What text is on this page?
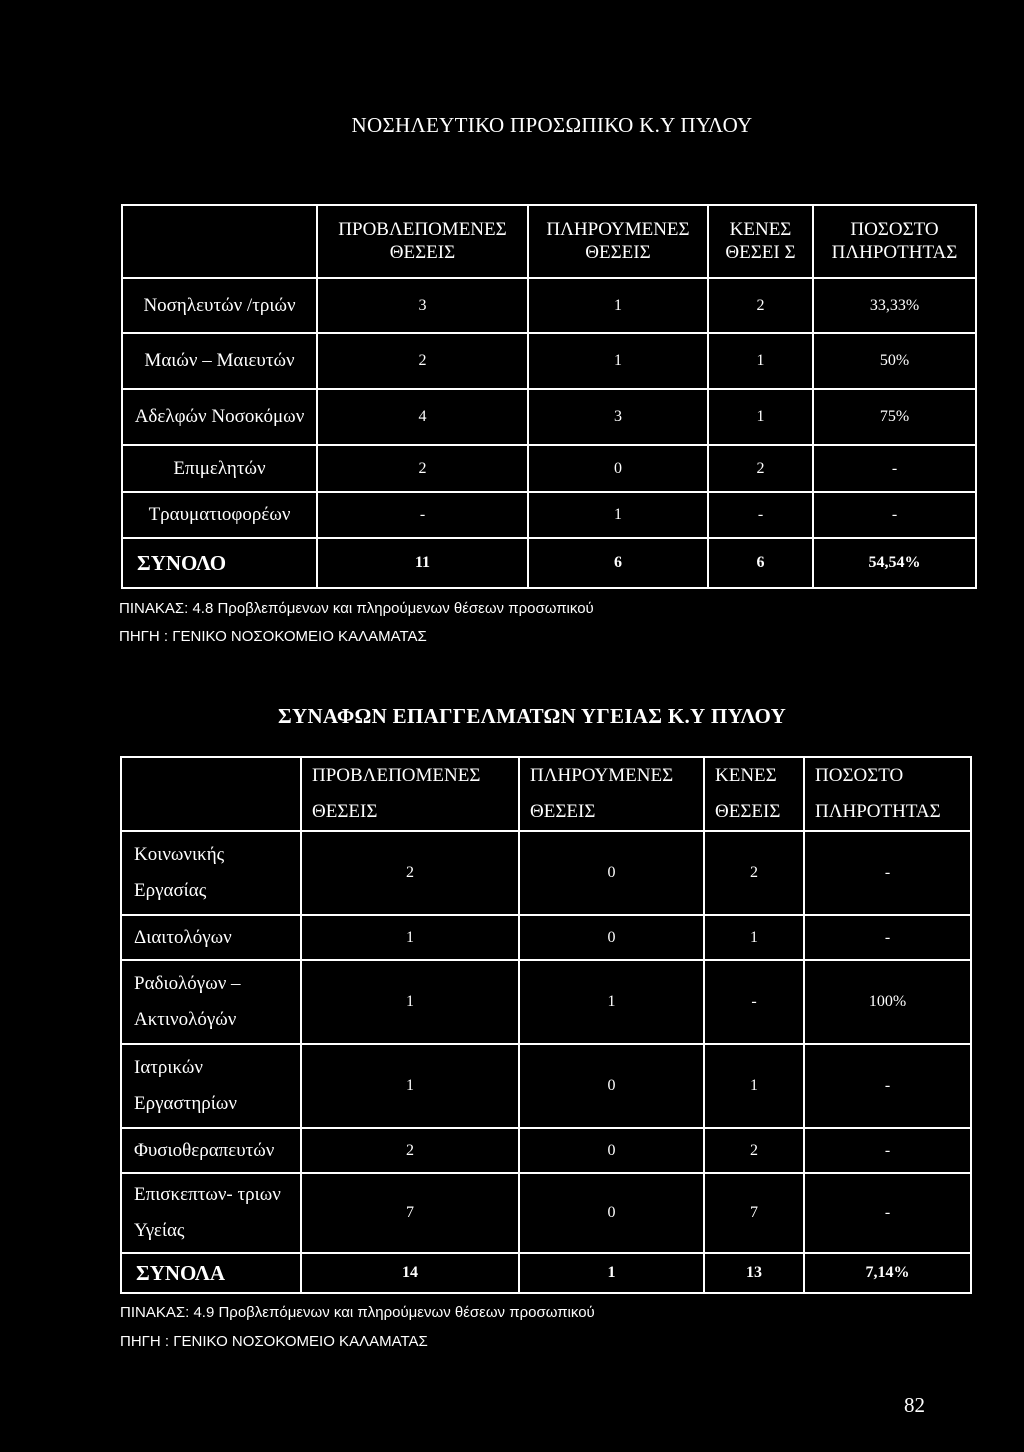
ΝΟΣΗΛΕΥΤΙΚΟ ΠΡΟΣΩΠΙΚΟ Κ.Υ ΠΥΛΟΥ
	ΠΡΟΒΛΕΠΟΜΕΝΕΣ ΘΕΣΕΙΣ	ΠΛΗΡΟΥΜΕΝΕΣ ΘΕΣΕΙΣ	ΚΕΝΕΣ ΘΕΣΕΙ Σ	ΠΟΣΟΣΤΟ ΠΛΗΡΟΤΗΤΑΣ
Νοσηλευτών /τριών	3	1	2	33,33%
Μαιών – Μαιευτών	2	1	1	50%
Αδελφών Νοσοκόμων	4	3	1	75%
Επιμελητών	2	0	2	-
Τραυματιοφορέων	-	1	-	-
ΣΥΝΟΛΟ	11	6	6	54,54%
ΠΙΝΑΚΑΣ: 4.8 Προβλεπόμενων και πληρούμενων θέσεων προσωπικού
ΠΗΓΗ : ΓΕΝΙΚΟ ΝΟΣΟΚΟΜΕΙΟ ΚΑΛΑΜΑΤΑΣ
ΣΥΝΑΦΩΝ ΕΠΑΓΓΕΛΜΑΤΩΝ ΥΓΕΙΑΣ Κ.Υ ΠΥΛΟΥ
	ΠΡΟΒΛΕΠΟΜΕΝΕΣ ΘΕΣΕΙΣ	ΠΛΗΡΟΥΜΕΝΕΣ ΘΕΣΕΙΣ	ΚΕΝΕΣ ΘΕΣΕΙΣ	ΠΟΣΟΣΤΟ ΠΛΗΡΟΤΗΤΑΣ
Κοινωνικής Εργασίας	2	0	2	-
Διαιτολόγων	1	0	1	-
Ραδιολόγων – Ακτινολόγών	1	1	-	100%
Ιατρικών Εργαστηρίων	1	0	1	-
Φυσιοθεραπευτών	2	0	2	-
Επισκεπτων- τριων Υγείας	7	0	7	-
ΣΥΝΟΛΑ	14	1	13	7,14%
ΠΙΝΑΚΑΣ: 4.9 Προβλεπόμενων και πληρούμενων θέσεων προσωπικού
ΠΗΓΗ : ΓΕΝΙΚΟ ΝΟΣΟΚΟΜΕΙΟ ΚΑΛΑΜΑΤΑΣ
82
